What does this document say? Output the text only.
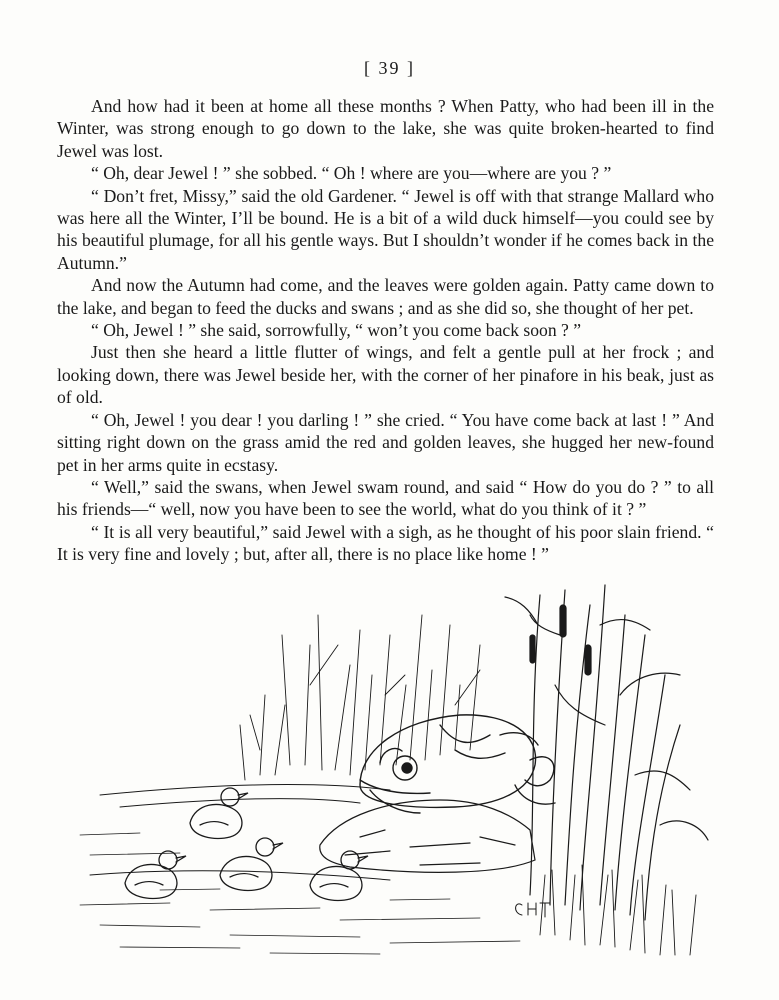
[ 39 ]

And how had it been at home all these months ? When Patty, who had been ill in the Winter, was strong enough to go down to the lake, she was quite broken-hearted to find Jewel was lost.

“ Oh, dear Jewel ! ” she sobbed. “ Oh ! where are you—where are you ? ”

“ Don’t fret, Missy,” said the old Gardener. “ Jewel is off with that strange Mallard who was here all the Winter, I’ll be bound. He is a bit of a wild duck himself—you could see by his beautiful plumage, for all his gentle ways. But I shouldn’t wonder if he comes back in the Autumn.”

And now the Autumn had come, and the leaves were golden again. Patty came down to the lake, and began to feed the ducks and swans ; and as she did so, she thought of her pet.

“ Oh, Jewel ! ” she said, sorrowfully, “ won’t you come back soon ? ”

Just then she heard a little flutter of wings, and felt a gentle pull at her frock ; and looking down, there was Jewel beside her, with the corner of her pinafore in his beak, just as of old.

“ Oh, Jewel ! you dear ! you darling ! ” she cried. “ You have come back at last ! ” And sitting right down on the grass amid the red and golden leaves, she hugged her new-found pet in her arms quite in ecstasy.

“ Well,” said the swans, when Jewel swam round, and said “ How do you do ? ” to all his friends—“ well, now you have been to see the world, what do you think of it ? ”

“ It is all very beautiful,” said Jewel with a sigh, as he thought of his poor slain friend. “ It is very fine and lovely ; but, after all, there is no place like home ! ”
